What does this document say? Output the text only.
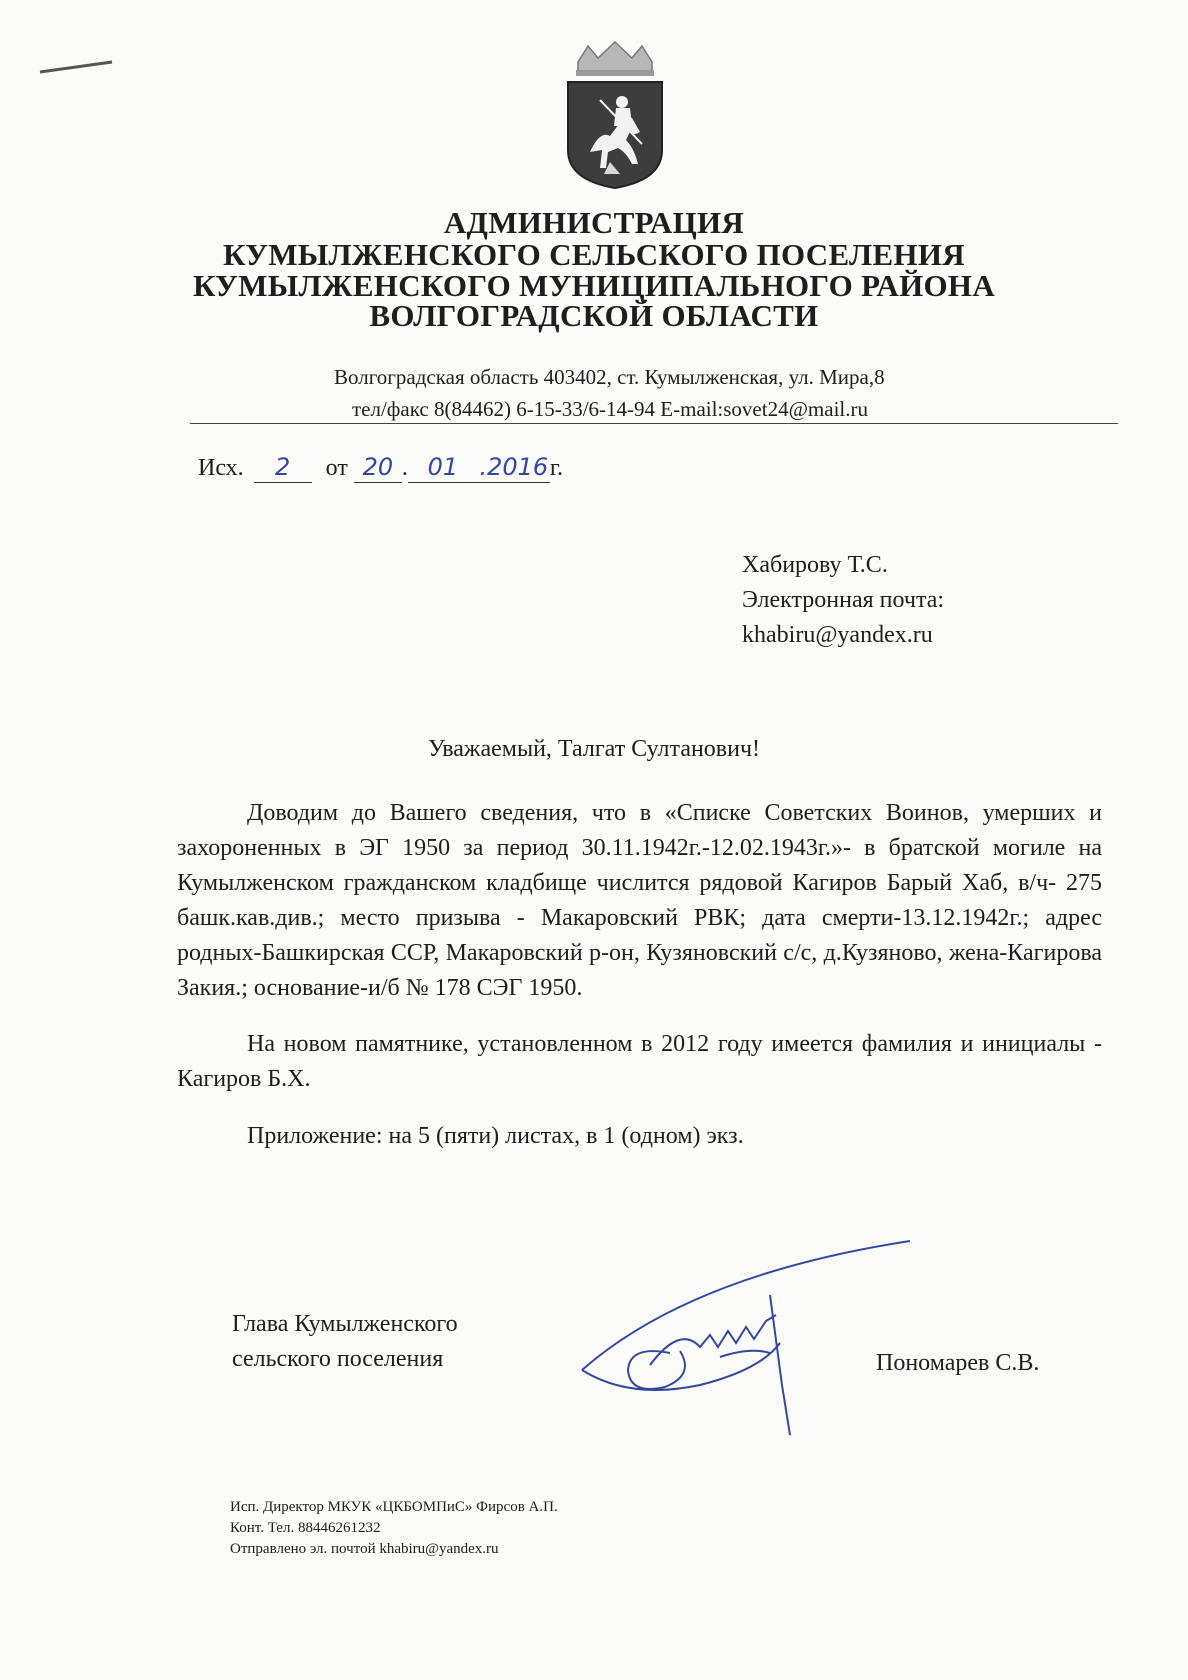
АДМИНИСТРАЦИЯ
КУМЫЛЖЕНСКОГО СЕЛЬСКОГО ПОСЕЛЕНИЯ
КУМЫЛЖЕНСКОГО МУНИЦИПАЛЬНОГО РАЙОНА
ВОЛГОГРАДСКОЙ ОБЛАСТИ
Волгоградская область 403402, ст. Кумылженская, ул. Мира,8
тел/факс 8(84462) 6-15-33/6-14-94 E-mail:sovet24@mail.ru
Исх. 2 от 20 . 01 .2016г.
Хабирову Т.С.
Электронная почта:
khabiru@yandex.ru
Уважаемый, Талгат Султанович!
Доводим до Вашего сведения, что в «Списке Советских Воинов, умерших и захороненных в ЭГ 1950 за период 30.11.1942г.-12.02.1943г.»- в братской могиле на Кумылженском гражданском кладбище числится рядовой Кагиров Барый Хаб, в/ч- 275 башк.кав.див.; место призыва - Макаровский РВК; дата смерти-13.12.1942г.; адрес родных-Башкирская ССР, Макаровский р-он, Кузяновский с/с, д.Кузяново, жена-Кагирова Закия.; основание-и/б № 178 СЭГ 1950.
На новом памятнике, установленном в 2012 году имеется фамилия и инициалы - Кагиров Б.Х.
Приложение: на 5 (пяти) листах, в 1 (одном) экз.
Глава Кумылженского
сельского поселения	Пономарев С.В.
Исп. Директор МКУК «ЦКБОМПиС» Фирсов А.П.
Конт. Тел. 88446261232
Отправлено эл. почтой khabiru@yandex.ru
